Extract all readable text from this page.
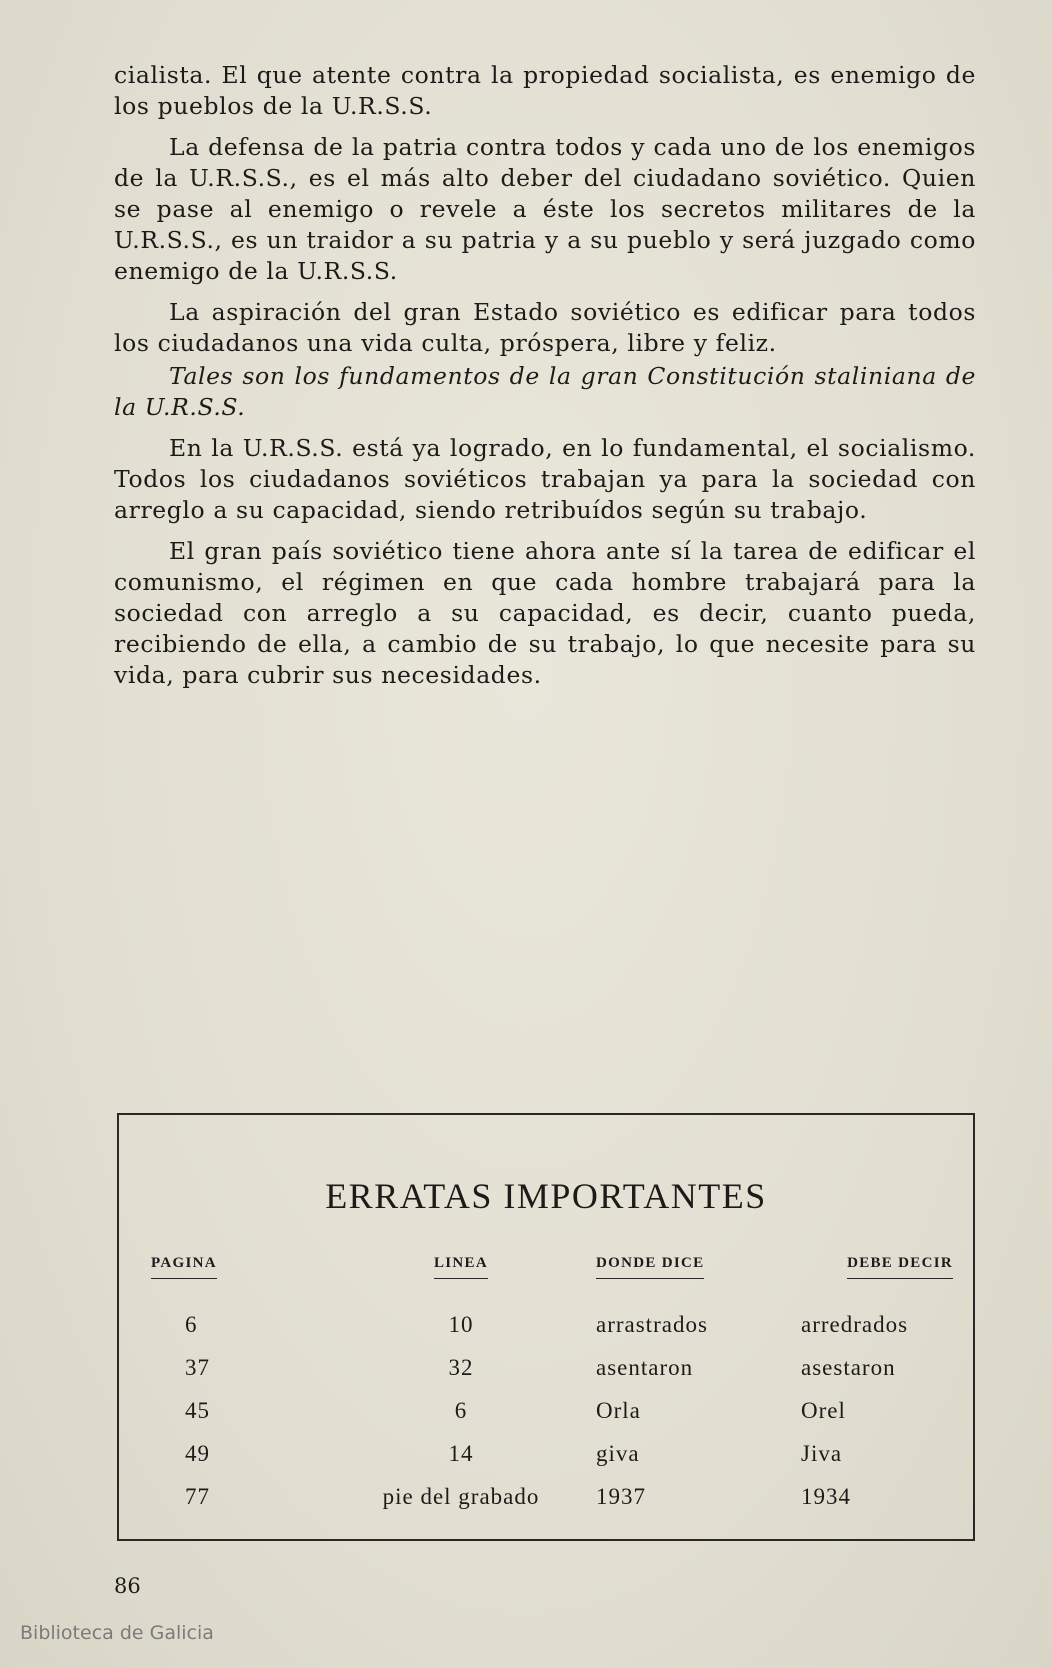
cialista. El que atente contra la propiedad socialista, es enemigo de los pueblos de la U.R.S.S.

La defensa de la patria contra todos y cada uno de los enemigos de la U.R.S.S., es el más alto deber del ciudadano soviético. Quien se pase al enemigo o revele a éste los secretos militares de la U.R.S.S., es un traidor a su patria y a su pueblo y será juzgado como enemigo de la U.R.S.S.

La aspiración del gran Estado soviético es edificar para todos los ciudadanos una vida culta, próspera, libre y feliz.

Tales son los fundamentos de la gran Constitución staliniana de la U.R.S.S.

En la U.R.S.S. está ya logrado, en lo fundamental, el socialismo. Todos los ciudadanos soviéticos trabajan ya para la sociedad con arreglo a su capacidad, siendo retribuídos según su trabajo.

El gran país soviético tiene ahora ante sí la tarea de edificar el comunismo, el régimen en que cada hombre trabajará para la sociedad con arreglo a su capacidad, es decir, cuanto pueda, recibiendo de ella, a cambio de su trabajo, lo que necesite para su vida, para cubrir sus necesidades.

ERRATAS IMPORTANTES
PAGINA	LINEA	DONDE DICE	DEBE DECIR
6	10	arrastrados	arredrados
37	32	asentaron	asestaron
45	6	Orla	Orel
49	14	giva	Jiva
77	pie del grabado	1937	1934
86
Biblioteca de Galicia
